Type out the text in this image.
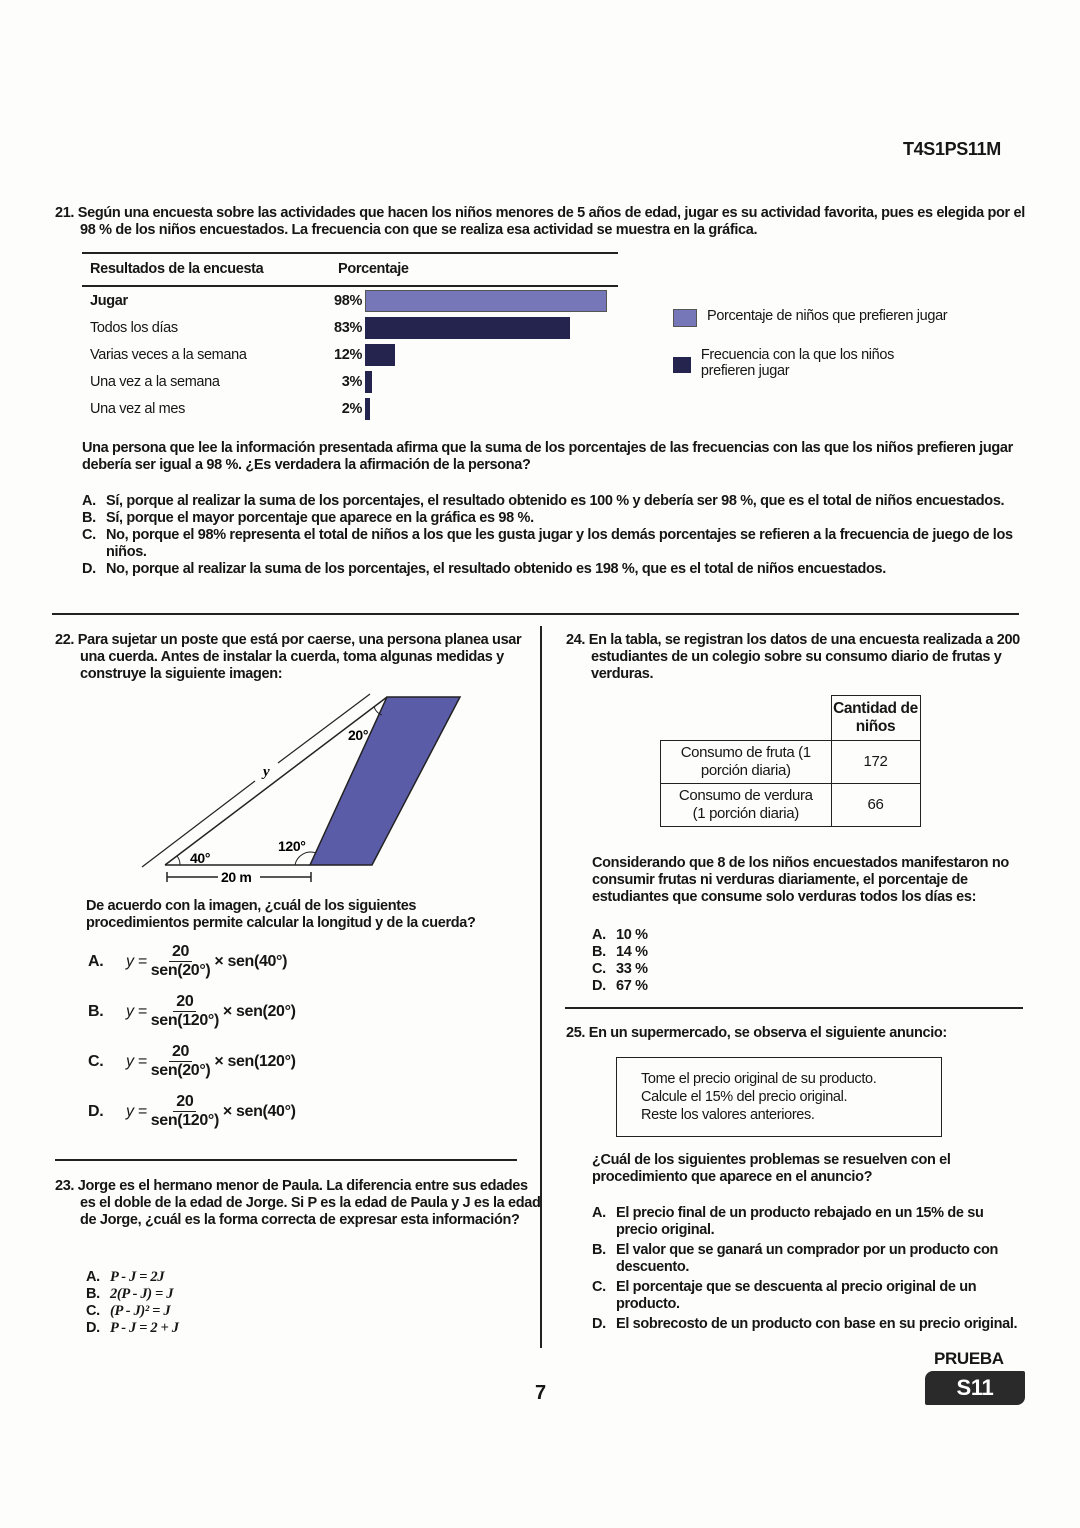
T4S1PS11M
21. Según una encuesta sobre las actividades que hacen los niños menores de 5 años de edad, jugar es su actividad favorita, pues es elegida por el 98 % de los niños encuestados. La frecuencia con que se realiza esa actividad se muestra en la gráfica.
Resultados de la encuesta	Porcentaje
Jugar	98%
Todos los días	83%
Varias veces a la semana	12%
Una vez a la semana	3%
Una vez al mes	2%
Porcentaje de niños que prefieren jugar
Frecuencia con la que los niños prefieren jugar
Una persona que lee la información presentada afirma que la suma de los porcentajes de las frecuencias con las que los niños prefieren jugar debería ser igual a 98 %. ¿Es verdadera la afirmación de la persona?
A. Sí, porque al realizar la suma de los porcentajes, el resultado obtenido es 100 % y debería ser 98 %, que es el total de niños encuestados.
B. Sí, porque el mayor porcentaje que aparece en la gráfica es 98 %.
C. No, porque el 98% representa el total de niños a los que les gusta jugar y los demás porcentajes se refieren a la frecuencia de juego de los niños.
D. No, porque al realizar la suma de los porcentajes, el resultado obtenido es 198 %, que es el total de niños encuestados.
22. Para sujetar un poste que está por caerse, una persona planea usar una cuerda. Antes de instalar la cuerda, toma algunas medidas y construye la siguiente imagen:
40°
120°
20°
y
20 m
De acuerdo con la imagen, ¿cuál de los siguientes procedimientos permite calcular la longitud y de la cuerda?
A.	$y = \frac{20}{\text{sen(20°)}} \times sen(40^\circ)$
B.	$y = \frac{20}{\text{sen(120°)}} \times sen(20^\circ)$
C.	$y = \frac{20}{\text{sen(20°)}} \times sen(120^\circ)$
D.	$y = \frac{20}{\text{sen(120°)}} \times sen(40^\circ)$
23. Jorge es el hermano menor de Paula. La diferencia entre sus edades es el doble de la edad de Jorge. Si P es la edad de Paula y J es la edad de Jorge, ¿cuál es la forma correcta de expresar esta información?
A. P - J = 2J
B. 2(P - J) = J
C. (P - J)² = J
D. P - J = 2 + J
24. En la tabla, se registran los datos de una encuesta realizada a 200 estudiantes de un colegio sobre su consumo diario de frutas y verduras.
	Cantidad de niños
Consumo de fruta (1 porción diaria)	172
Consumo de verdura (1 porción diaria)	66
Considerando que 8 de los niños encuestados manifestaron no consumir frutas ni verduras diariamente, el porcentaje de estudiantes que consume solo verduras todos los días es:
A. 10 %
B. 14 %
C. 33 %
D. 67 %
25. En un supermercado, se observa el siguiente anuncio:
Tome el precio original de su producto.
Calcule el 15% del precio original.
Reste los valores anteriores.
¿Cuál de los siguientes problemas se resuelven con el procedimiento que aparece en el anuncio?
A. El precio final de un producto rebajado en un 15% de su precio original.
B. El valor que se ganará un comprador por un producto con descuento.
C. El porcentaje que se descuenta al precio original de un producto.
D. El sobrecosto de un producto con base en su precio original.
7
PRUEBA
S11
